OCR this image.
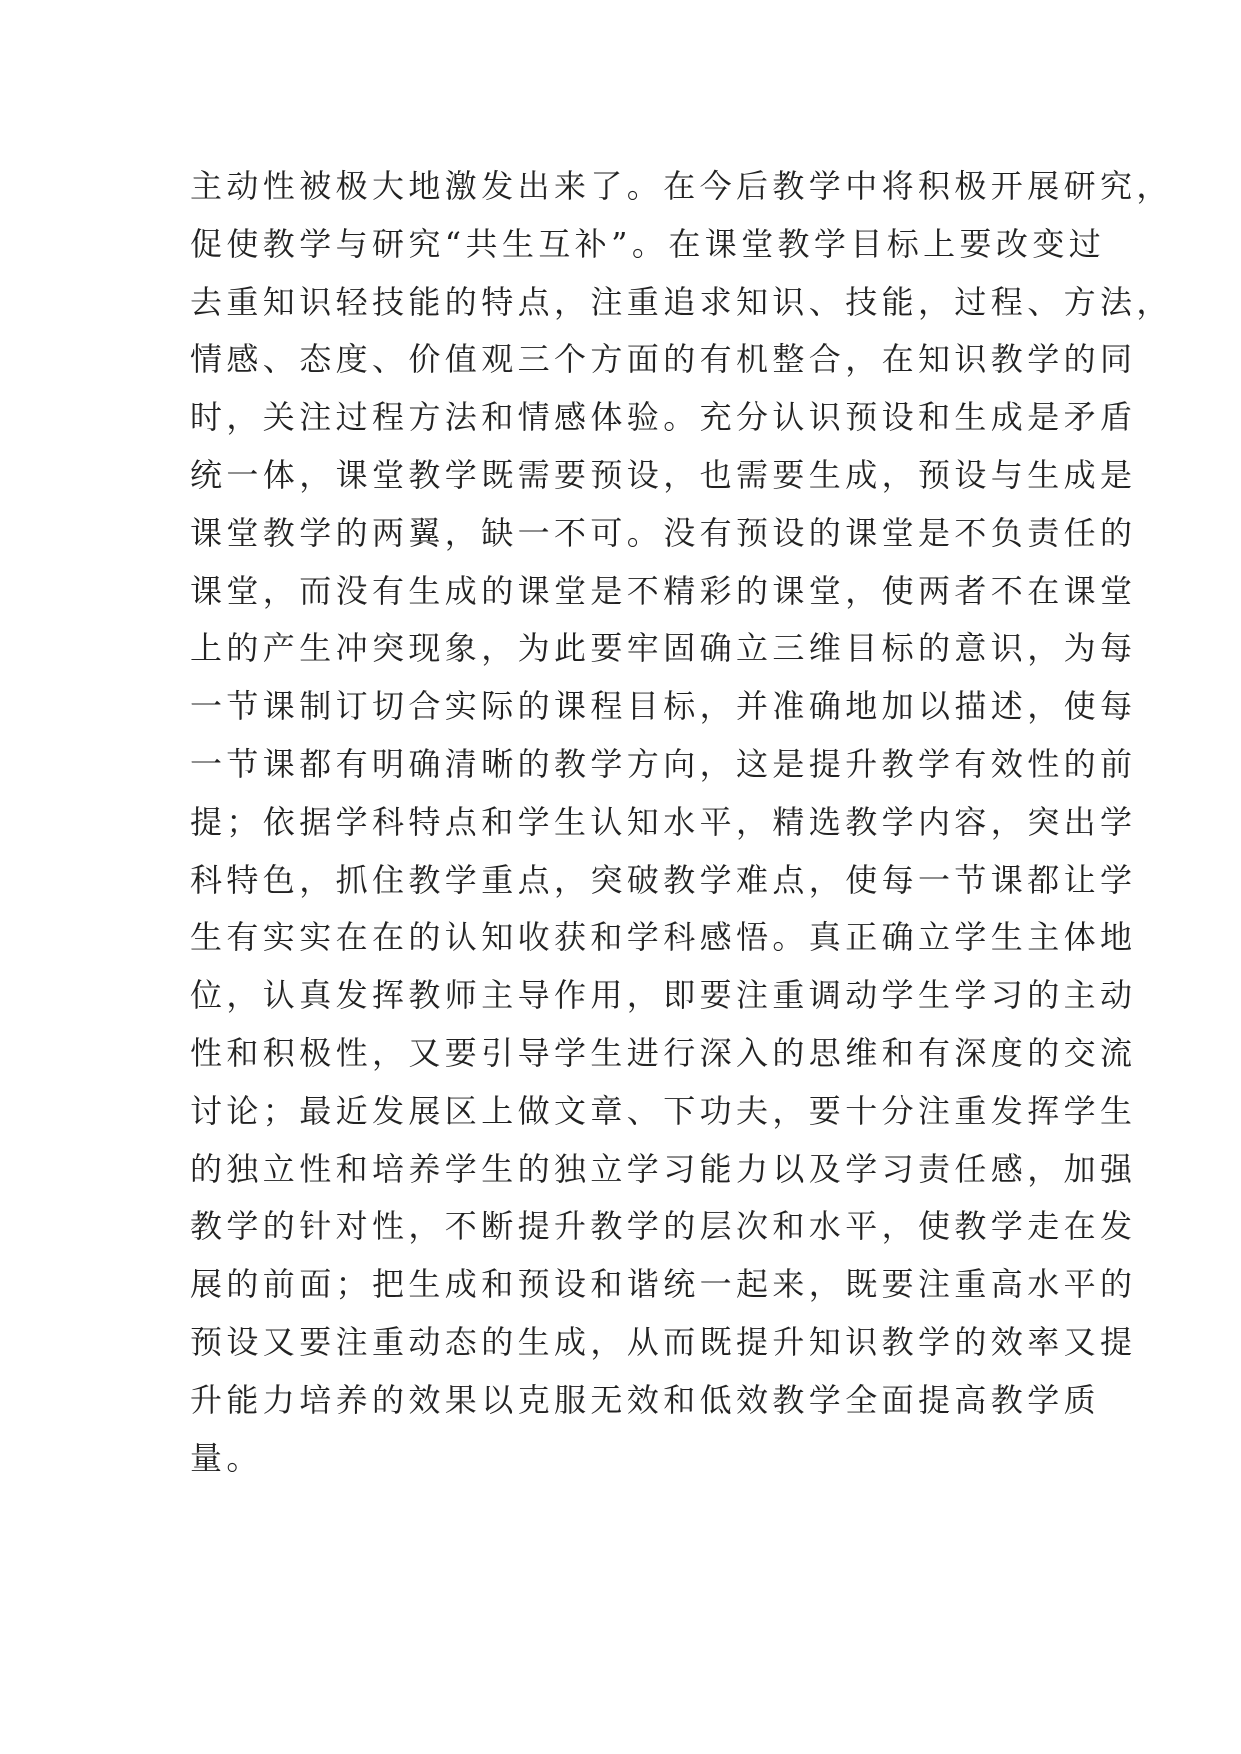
主动性被极大地激发出来了。在今后教学中将积极开展研究，
促使教学与研究“共生互补”。在课堂教学目标上要改变过
去重知识轻技能的特点，注重追求知识、技能，过程、方法，
情感、态度、价值观三个方面的有机整合，在知识教学的同
时，关注过程方法和情感体验。充分认识预设和生成是矛盾
统一体，课堂教学既需要预设，也需要生成，预设与生成是
课堂教学的两翼，缺一不可。没有预设的课堂是不负责任的
课堂，而没有生成的课堂是不精彩的课堂，使两者不在课堂
上的产生冲突现象，为此要牢固确立三维目标的意识，为每
一节课制订切合实际的课程目标，并准确地加以描述，使每
一节课都有明确清晰的教学方向，这是提升教学有效性的前
提；依据学科特点和学生认知水平，精选教学内容，突出学
科特色，抓住教学重点，突破教学难点，使每一节课都让学
生有实实在在的认知收获和学科感悟。真正确立学生主体地
位，认真发挥教师主导作用，即要注重调动学生学习的主动
性和积极性，又要引导学生进行深入的思维和有深度的交流
讨论；最近发展区上做文章、下功夫，要十分注重发挥学生
的独立性和培养学生的独立学习能力以及学习责任感，加强
教学的针对性，不断提升教学的层次和水平，使教学走在发
展的前面；把生成和预设和谐统一起来，既要注重高水平的
预设又要注重动态的生成，从而既提升知识教学的效率又提
升能力培养的效果以克服无效和低效教学全面提高教学质
量。
